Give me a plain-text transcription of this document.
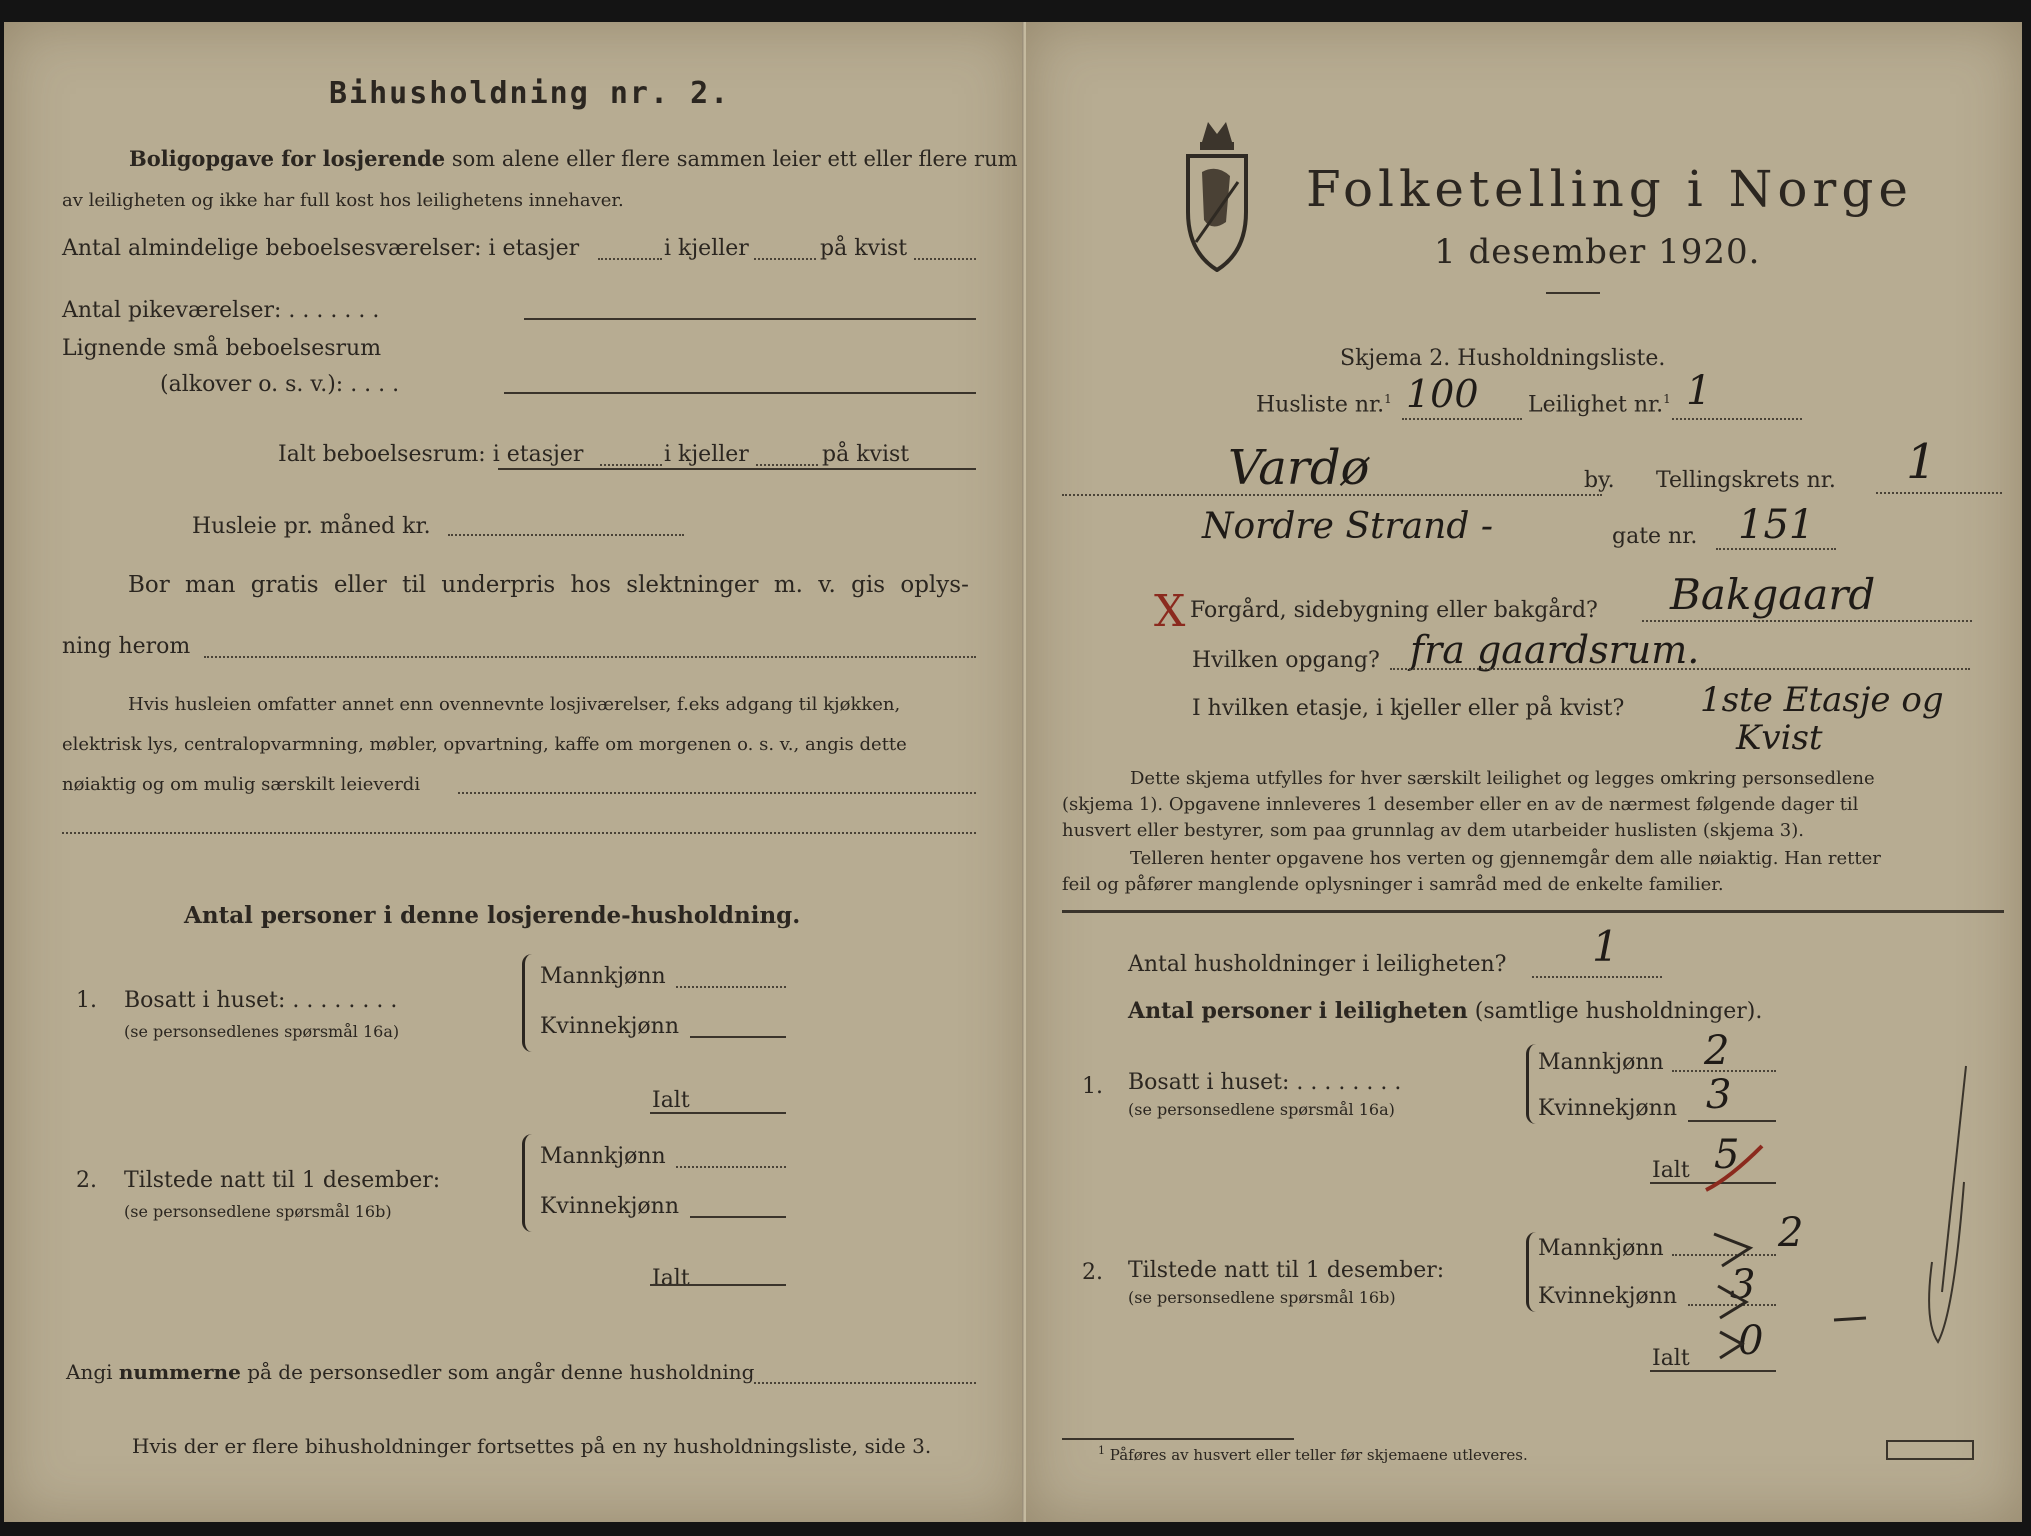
Bihusholdning nr. 2.
Boligopgave for losjerende som alene eller flere sammen leier ett eller flere rum
av leiligheten og ikke har full kost hos leilighetens innehaver.
Antal almindelige beboelsesværelser: i etasjer	i kjeller	på kvist
Antal pikeværelser: . . . . . . .
Lignende små beboelsesrum
(alkover o. s. v.): . . . .
Ialt beboelsesrum: i etasjer	i kjeller	på kvist
Husleie pr. måned kr.
Bor man gratis eller til underpris hos slektninger m. v. gis oplys-
ning herom
Hvis husleien omfatter annet enn ovennevnte losjiværelser, f.eks adgang til kjøkken,
elektrisk lys, centralopvarmning, møbler, opvartning, kaffe om morgenen o. s. v., angis dette
nøiaktig og om mulig særskilt leieverdi
Antal personer i denne losjerende-husholdning.
1. Bosatt i huset: . . . . . . . .
(se personsedlenes spørsmål 16a)
Mannkjønn
Kvinnekjønn
Ialt
2. Tilstede natt til 1 desember:
(se personsedlene spørsmål 16b)
Mannkjønn
Kvinnekjønn
Ialt
Angi nummerne på de personsedler som angår denne husholdning
Hvis der er flere bihusholdninger fortsettes på en ny husholdningsliste, side 3.
Folketelling i Norge
1 desember 1920.
Skjema 2. Husholdningsliste.
Husliste nr.$^1$ 100 Leilighet nr.$^1$ 1
Vardø	by. Tellingskrets nr. 1
Nordre Strand -	gate nr. 151
X Forgård, sidebygning eller bakgård? Bakgaard
Hvilken opgang? fra gaardsrum.
I hvilken etasje, i kjeller eller på kvist? 1ste Etasje og
Kvist
Dette skjema utfylles for hver særskilt leilighet og legges omkring personsedlene
(skjema 1). Opgavene innleveres 1 desember eller en av de nærmest følgende dager til
husvert eller bestyrer, som paa grunnlag av dem utarbeider huslisten (skjema 3).
Telleren henter opgavene hos verten og gjennemgår dem alle nøiaktig. Han retter
feil og påfører manglende oplysninger i samråd med de enkelte familier.
Antal husholdninger i leiligheten? 1
Antal personer i leiligheten (samtlige husholdninger).
1. Bosatt i huset: . . . . . . . .
(se personsedlene spørsmål 16a)
Mannkjønn 2
Kvinnekjønn 3
Ialt 5
2. Tilstede natt til 1 desember:
(se personsedlene spørsmål 16b)
Mannkjønn	2
Kvinnekjønn 3
Ialt 0
$^1$ Påføres av husvert eller teller før skjemaene utleveres.
